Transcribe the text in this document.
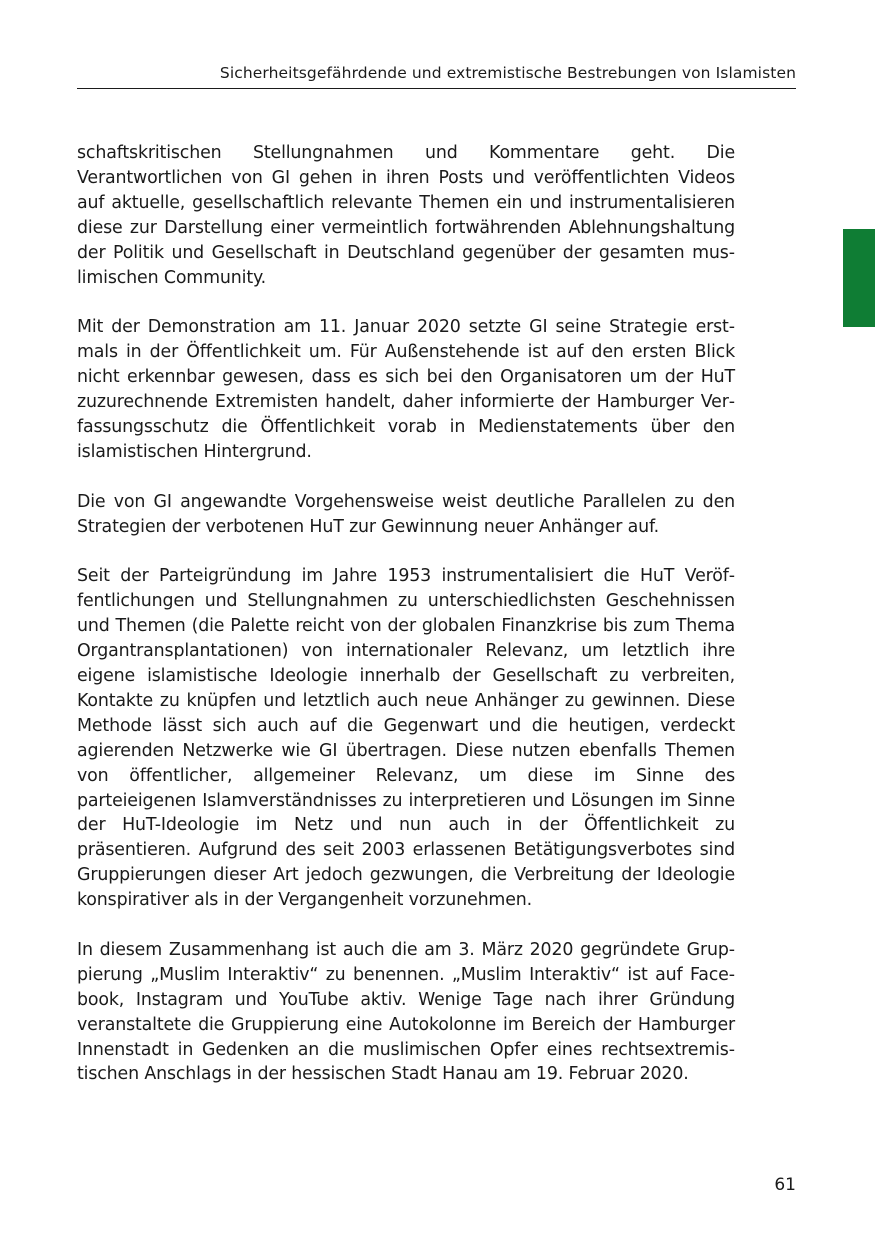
Sicherheitsgefährdende und extremistische Bestrebungen von Islamisten

schaftskritischen Stellungnahmen und Kommentare geht. Die Verantwortlichen von GI gehen in ihren Posts und veröffentlichten Videos auf aktuelle, gesellschaftlich relevante Themen ein und instrumentalisieren diese zur Darstellung einer vermeintlich fortwährenden Ablehnungshaltung der Politik und Gesellschaft in Deutschland gegenüber der gesamten muslimischen Community.

Mit der Demonstration am 11. Januar 2020 setzte GI seine Strategie erstmals in der Öffentlichkeit um. Für Außenstehende ist auf den ersten Blick nicht erkennbar gewesen, dass es sich bei den Organisatoren um der HuT zuzurechnende Extremisten handelt, daher informierte der Hamburger Verfassungsschutz die Öffentlichkeit vorab in Medienstatements über den islamistischen Hintergrund.

Die von GI angewandte Vorgehensweise weist deutliche Parallelen zu den Strategien der verbotenen HuT zur Gewinnung neuer Anhänger auf.

Seit der Parteigründung im Jahre 1953 instrumentalisiert die HuT Veröffentlichungen und Stellungnahmen zu unterschiedlichsten Geschehnissen und Themen (die Palette reicht von der globalen Finanzkrise bis zum Thema Organtransplantationen) von internationaler Relevanz, um letztlich ihre eigene islamistische Ideologie innerhalb der Gesellschaft zu verbreiten, Kontakte zu knüpfen und letztlich auch neue Anhänger zu gewinnen. Diese Methode lässt sich auch auf die Gegenwart und die heutigen, verdeckt agierenden Netzwerke wie GI übertragen. Diese nutzen ebenfalls Themen von öffentlicher, allgemeiner Relevanz, um diese im Sinne des parteieigenen Islamverständnisses zu interpretieren und Lösungen im Sinne der HuT-Ideologie im Netz und nun auch in der Öffentlichkeit zu präsentieren. Aufgrund des seit 2003 erlassenen Betätigungsverbotes sind Gruppierungen dieser Art jedoch gezwungen, die Verbreitung der Ideologie konspirativer als in der Vergangenheit vorzunehmen.

In diesem Zusammenhang ist auch die am 3. März 2020 gegründete Gruppierung „Muslim Interaktiv“ zu benennen. „Muslim Interaktiv“ ist auf Facebook, Instagram und YouTube aktiv. Wenige Tage nach ihrer Gründung veranstaltete die Gruppierung eine Autokolonne im Bereich der Hamburger Innenstadt in Gedenken an die muslimischen Opfer eines rechtsextremistischen Anschlags in der hessischen Stadt Hanau am 19. Februar 2020.

61
